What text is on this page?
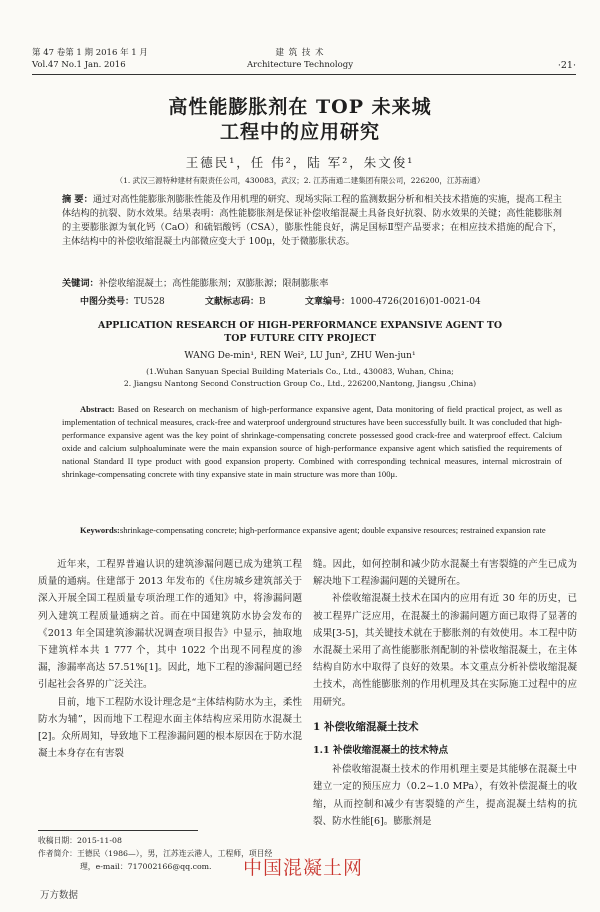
第 47 卷第 1 期 2016 年 1 月
Vol.47 No.1 Jan. 2016
建 筑 技 术
Architecture Technology	·21·
高性能膨胀剂在 TOP 未来城
工程中的应用研究
王德民¹，任 伟²，陆 军²，朱文俊¹
（1. 武汉三源特种建材有限责任公司，430083，武汉；2. 江苏南通二建集团有限公司，226200，江苏南通）
摘 要：通过对高性能膨胀剂膨胀性能及作用机理的研究、现场实际工程的监测数据分析和相关技术措施的实施，提高工程主体结构的抗裂、防水效果。结果表明：高性能膨胀剂是保证补偿收缩混凝土具备良好抗裂、防水效果的关键；高性能膨胀剂的主要膨胀源为氧化钙（CaO）和硫铝酸钙（CSA），膨胀性能良好，满足国标Ⅱ型产品要求；在相应技术措施的配合下，主体结构中的补偿收缩混凝土内部微应变大于 100μ，处于微膨胀状态。
关键词：补偿收缩混凝土；高性能膨胀剂；双膨胀源；限制膨胀率
中图分类号：TU528	文献标志码：B	文章编号：1000-4726(2016)01-0021-04
APPLICATION RESEARCH OF HIGH-PERFORMANCE EXPANSIVE AGENT TO
TOP FUTURE CITY PROJECT
WANG De-min¹, REN Wei², LU Jun², ZHU Wen-jun¹
(1.Wuhan Sanyuan Special Building Materials Co., Ltd., 430083, Wuhan, China;
2. Jiangsu Nantong Second Construction Group Co., Ltd., 226200,Nantong, Jiangsu ,China)
Abstract: Based on Research on mechanism of high-performance expansive agent, Data monitoring of field practical project, as well as implementation of technical measures, crack-free and waterproof underground structures have been successfully built. It was concluded that high-performance expansive agent was the key point of shrinkage-compensating concrete possessed good crack-free and waterproof effect. Calcium oxide and calcium sulphoaluminate were the main expansion source of high-performance expansive agent which satisfied the requirements of national Standard II type product with good expansion property. Combined with corresponding technical measures, internal microstrain of shrinkage-compensating concrete with tiny expansive state in main structure was more than 100μ.
Keywords:shrinkage-compensating concrete; high-performance expansive agent; double expansive resources; restrained expansion rate

近年来，工程界普遍认识的建筑渗漏问题已成为建筑工程质量的通病。住建部于 2013 年发布的《住房城乡建筑部关于深入开展全国工程质量专项治理工作的通知》中，将渗漏问题列入建筑工程质量通病之首。而在中国建筑防水协会发布的《2013 年全国建筑渗漏状况调查项目报告》中显示，抽取地下建筑样本共 1 777 个，其中 1022 个出现不同程度的渗漏，渗漏率高达 57.51%[1]。因此，地下工程的渗漏问题已经引起社会各界的广泛关注。

目前，地下工程防水设计理念是“主体结构防水为主，柔性防水为辅”，因而地下工程迎水面主体结构应采用防水混凝土[2]。众所周知，导致地下工程渗漏问题的根本原因在于防水混凝土本身存在有害裂

缝。因此，如何控制和减少防水混凝土有害裂缝的产生已成为解决地下工程渗漏问题的关键所在。

补偿收缩混凝土技术在国内的应用有近 30 年的历史，已被工程界广泛应用，在混凝土的渗漏问题方面已取得了显著的成果[3-5]，其关键技术就在于膨胀剂的有效使用。本工程中防水混凝土采用了高性能膨胀剂配制的补偿收缩混凝土，在主体结构自防水中取得了良好的效果。本文重点分析补偿收缩混凝土技术，高性能膨胀剂的作用机理及其在实际施工过程中的应用研究。

1 补偿收缩混凝土技术

1.1 补偿收缩混凝土的技术特点

补偿收缩混凝土技术的作用机理主要是其能够在混凝土中建立一定的预压应力（0.2~1.0 MPa），有效补偿混凝土的收缩，从而控制和减少有害裂缝的产生，提高混凝土结构的抗裂、防水性能[6]。膨胀剂是

收稿日期：2015-11-08
作者简介：王德民（1986—），男，江苏连云港人，工程师，项目经
理，e-mail：717002166@qq.com.	中国混凝土网
万方数据
